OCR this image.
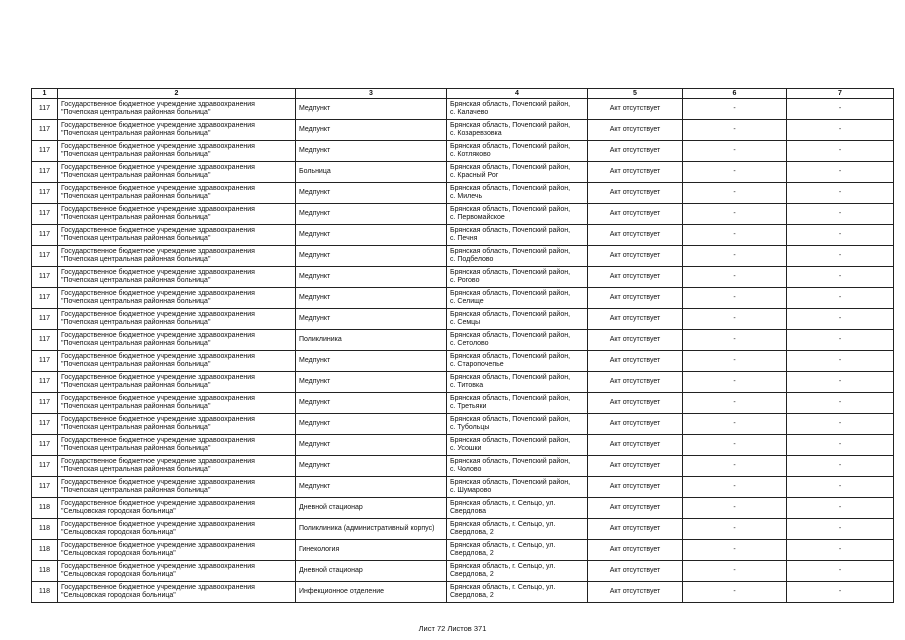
1	2	3	4	5	6	7
117	Государственное бюджетное учреждение здравоохранения
"Почепская центральная районная больница"	Медпункт	Брянская область, Почепский район,
с. Калачево	Акт отсутствует	-	-
117	Государственное бюджетное учреждение здравоохранения
"Почепская центральная районная больница"	Медпункт	Брянская область, Почепский район,
с. Козаревзовка	Акт отсутствует	-	-
117	Государственное бюджетное учреждение здравоохранения
"Почепская центральная районная больница"	Медпункт	Брянская область, Почепский район,
с. Котляково	Акт отсутствует	-	-
117	Государственное бюджетное учреждение здравоохранения
"Почепская центральная районная больница"	Больница	Брянская область, Почепский район,
с. Красный Рог	Акт отсутствует	-	-
117	Государственное бюджетное учреждение здравоохранения
"Почепская центральная районная больница"	Медпункт	Брянская область, Почепский район,
с. Милечь	Акт отсутствует	-	-
117	Государственное бюджетное учреждение здравоохранения
"Почепская центральная районная больница"	Медпункт	Брянская область, Почепский район,
с. Первомайское	Акт отсутствует	-	-
117	Государственное бюджетное учреждение здравоохранения
"Почепская центральная районная больница"	Медпункт	Брянская область, Почепский район,
с. Печня	Акт отсутствует	-	-
117	Государственное бюджетное учреждение здравоохранения
"Почепская центральная районная больница"	Медпункт	Брянская область, Почепский район,
с. Подбелово	Акт отсутствует	-	-
117	Государственное бюджетное учреждение здравоохранения
"Почепская центральная районная больница"	Медпункт	Брянская область, Почепский район,
с. Рогово	Акт отсутствует	-	-
117	Государственное бюджетное учреждение здравоохранения
"Почепская центральная районная больница"	Медпункт	Брянская область, Почепский район,
с. Селище	Акт отсутствует	-	-
117	Государственное бюджетное учреждение здравоохранения
"Почепская центральная районная больница"	Медпункт	Брянская область, Почепский район,
с. Семцы	Акт отсутствует	-	-
117	Государственное бюджетное учреждение здравоохранения
"Почепская центральная районная больница"	Поликлиника	Брянская область, Почепский район,
с. Сетолово	Акт отсутствует	-	-
117	Государственное бюджетное учреждение здравоохранения
"Почепская центральная районная больница"	Медпункт	Брянская область, Почепский район,
с. Старопочепье	Акт отсутствует	-	-
117	Государственное бюджетное учреждение здравоохранения
"Почепская центральная районная больница"	Медпункт	Брянская область, Почепский район,
с. Титовка	Акт отсутствует	-	-
117	Государственное бюджетное учреждение здравоохранения
"Почепская центральная районная больница"	Медпункт	Брянская область, Почепский район,
с. Третьяки	Акт отсутствует	-	-
117	Государственное бюджетное учреждение здравоохранения
"Почепская центральная районная больница"	Медпункт	Брянская область, Почепский район,
с. Тубольцы	Акт отсутствует	-	-
117	Государственное бюджетное учреждение здравоохранения
"Почепская центральная районная больница"	Медпункт	Брянская область, Почепский район,
с. Усошки	Акт отсутствует	-	-
117	Государственное бюджетное учреждение здравоохранения
"Почепская центральная районная больница"	Медпункт	Брянская область, Почепский район,
с. Чолово	Акт отсутствует	-	-
117	Государственное бюджетное учреждение здравоохранения
"Почепская центральная районная больница"	Медпункт	Брянская область, Почепский район,
с. Шумарово	Акт отсутствует	-	-
118	Государственное бюджетное учреждение здравоохранения
"Сельцовская городская больница"	Дневной стационар	Брянская область, г. Сельцо, ул.
Свердлова	Акт отсутствует	-	-
118	Государственное бюджетное учреждение здравоохранения
"Сельцовская городская больница"	Поликлиника (административный корпус)	Брянская область, г. Сельцо, ул.
Свердлова, 2	Акт отсутствует	-	-
118	Государственное бюджетное учреждение здравоохранения
"Сельцовская городская больница"	Гинекология	Брянская область, г. Сельцо, ул.
Свердлова, 2	Акт отсутствует	-	-
118	Государственное бюджетное учреждение здравоохранения
"Сельцовская городская больница"	Дневной стационар	Брянская область, г. Сельцо, ул.
Свердлова, 2	Акт отсутствует	-	-
118	Государственное бюджетное учреждение здравоохранения
"Сельцовская городская больница"	Инфекционное отделение	Брянская область, г. Сельцо, ул.
Свердлова, 2	Акт отсутствует	-	-
Лист 72 Листов 371
